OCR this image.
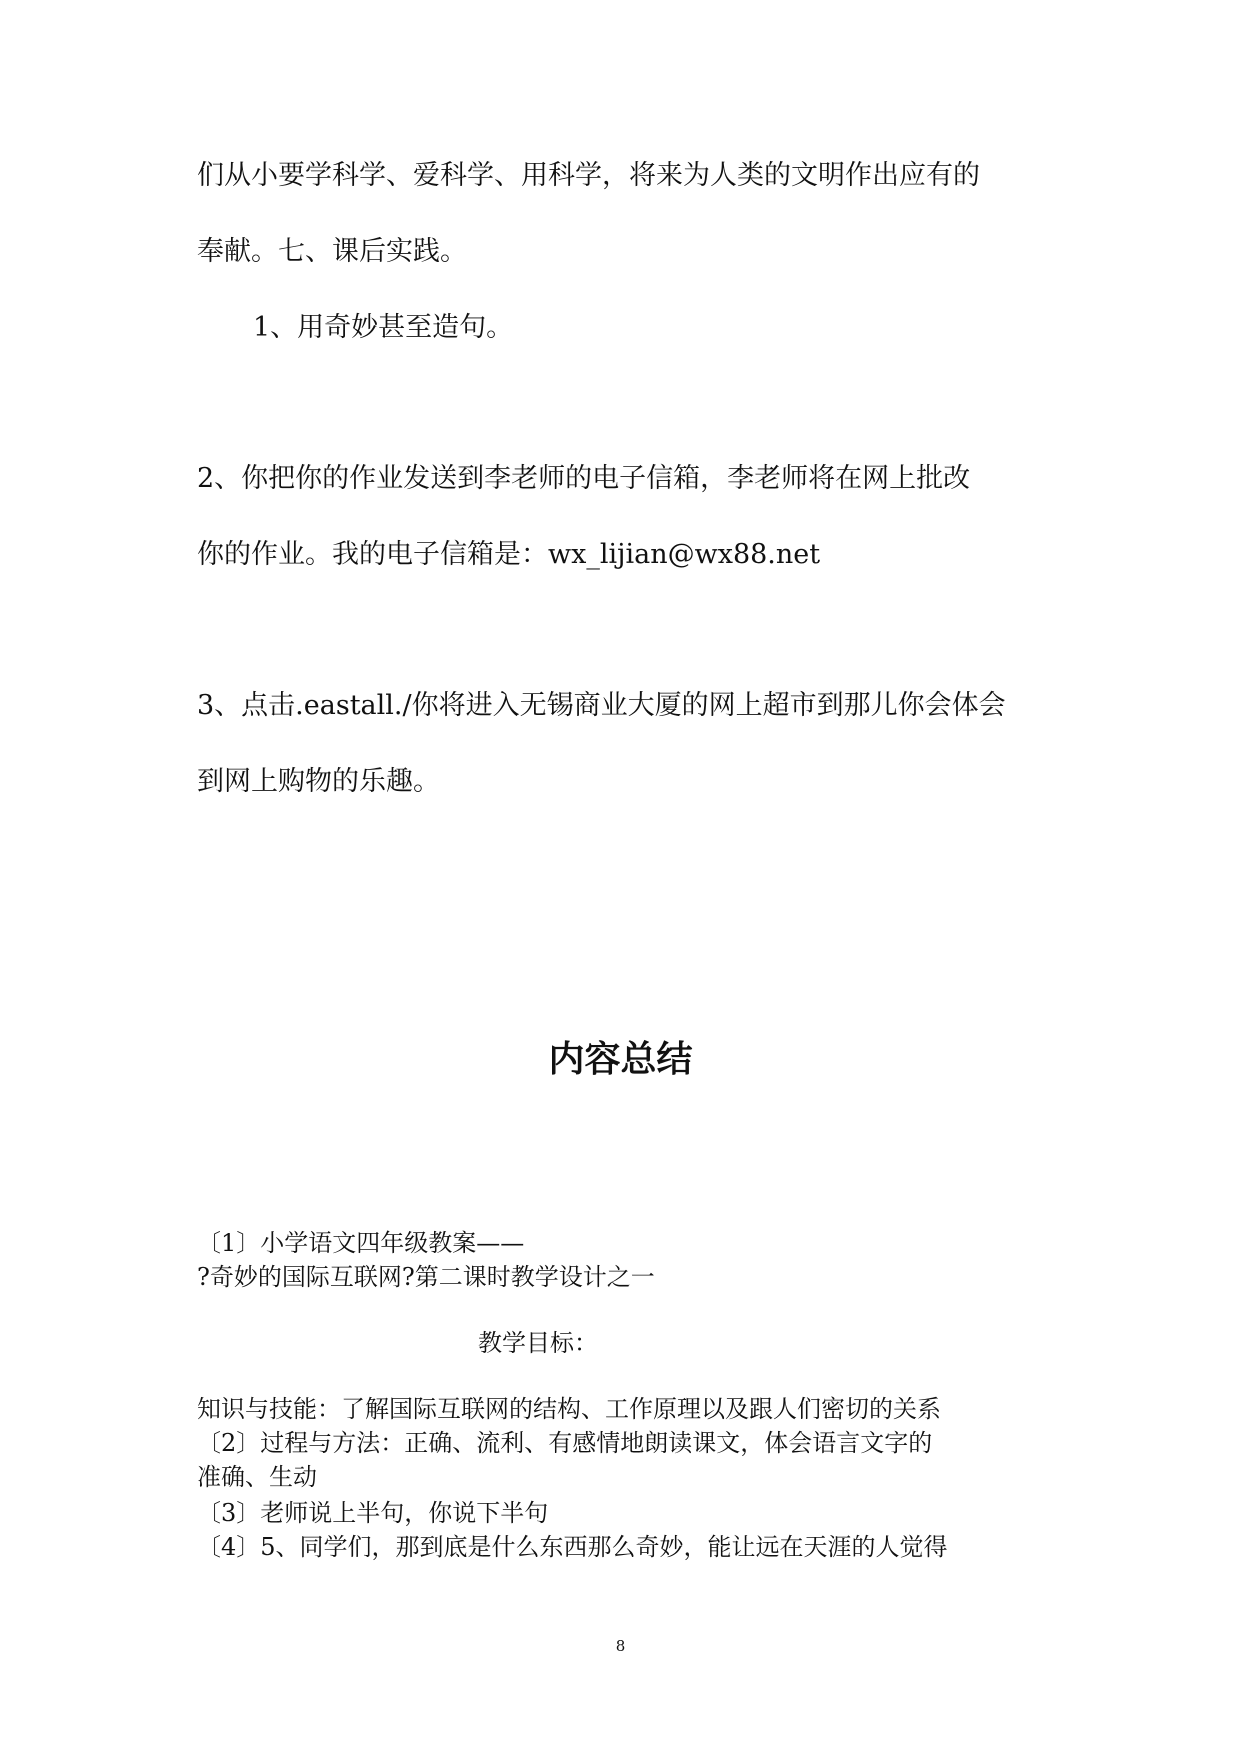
们从小要学科学、爱科学、用科学，将来为人类的文明作出应有的
奉献。七、课后实践。
1、用奇妙甚至造句。
2、你把你的作业发送到李老师的电子信箱，李老师将在网上批改
你的作业。我的电子信箱是：wx_lijian@wx88.net
3、点击.eastall./你将进入无锡商业大厦的网上超市到那儿你会体会
到网上购物的乐趣。
内容总结
〔1〕小学语文四年级教案——
?奇妙的国际互联网?第二课时教学设计之一
教学目标：
知识与技能：了解国际互联网的结构、工作原理以及跟人们密切的关系
〔2〕过程与方法：正确、流利、有感情地朗读课文，体会语言文字的
准确、生动
〔3〕老师说上半句，你说下半句
〔4〕5、同学们，那到底是什么东西那么奇妙，能让远在天涯的人觉得
8
